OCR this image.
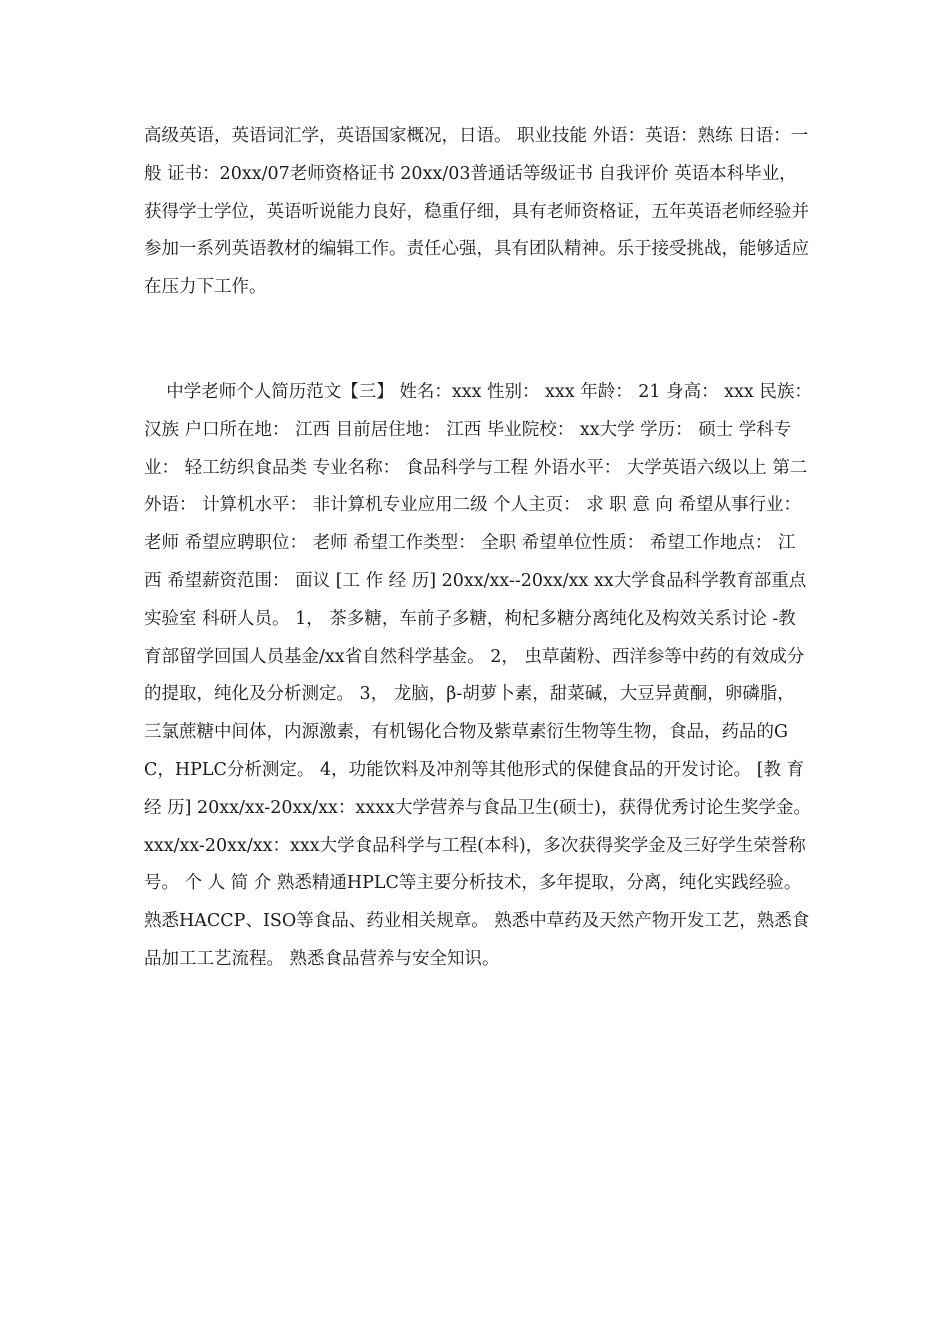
高级英语，英语词汇学，英语国家概况，日语。 职业技能 外语：英语：熟练 日语：一般 证书：20xx/07老师资格证书 20xx/03普通话等级证书 自我评价 英语本科毕业，获得学士学位，英语听说能力良好，稳重仔细，具有老师资格证，五年英语老师经验并参加一系列英语教材的编辑工作。责任心强，具有团队精神。乐于接受挑战，能够适应在压力下工作。

中学老师个人简历范文【三】 姓名：xxx 性别： xxx 年龄： 21 身高： xxx 民族： 汉族 户口所在地： 江西 目前居住地： 江西 毕业院校： xx大学 学历： 硕士 学科专业： 轻工纺织食品类 专业名称： 食品科学与工程 外语水平： 大学英语六级以上 第二外语： 计算机水平： 非计算机专业应用二级 个人主页： 求 职 意 向 希望从事行业： 老师 希望应聘职位： 老师 希望工作类型： 全职 希望单位性质： 希望工作地点： 江西 希望薪资范围： 面议 [工 作 经 历] 20xx/xx--20xx/xx xx大学食品科学教育部重点实验室 科研人员。 1， 茶多糖，车前子多糖，枸杞多糖分离纯化及构效关系讨论 -教育部留学回国人员基金/xx省自然科学基金。 2， 虫草菌粉、西洋参等中药的有效成分的提取，纯化及分析测定。 3， 龙脑，β-胡萝卜素，甜菜碱，大豆异黄酮，卵磷脂，三氯蔗糖中间体，内源激素，有机锡化合物及紫草素衍生物等生物，食品，药品的GC，HPLC分析测定。 4，功能饮料及冲剂等其他形式的保健食品的开发讨论。 [教 育 经 历] 20xx/xx-20xx/xx：xxxx大学营养与食品卫生(硕士)，获得优秀讨论生奖学金。 xxx/xx-20xx/xx：xxx大学食品科学与工程(本科)，多次获得奖学金及三好学生荣誉称号。 个 人 简 介 熟悉精通HPLC等主要分析技术，多年提取，分离，纯化实践经验。 熟悉HACCP、ISO等食品、药业相关规章。 熟悉中草药及天然产物开发工艺，熟悉食品加工工艺流程。 熟悉食品营养与安全知识。
